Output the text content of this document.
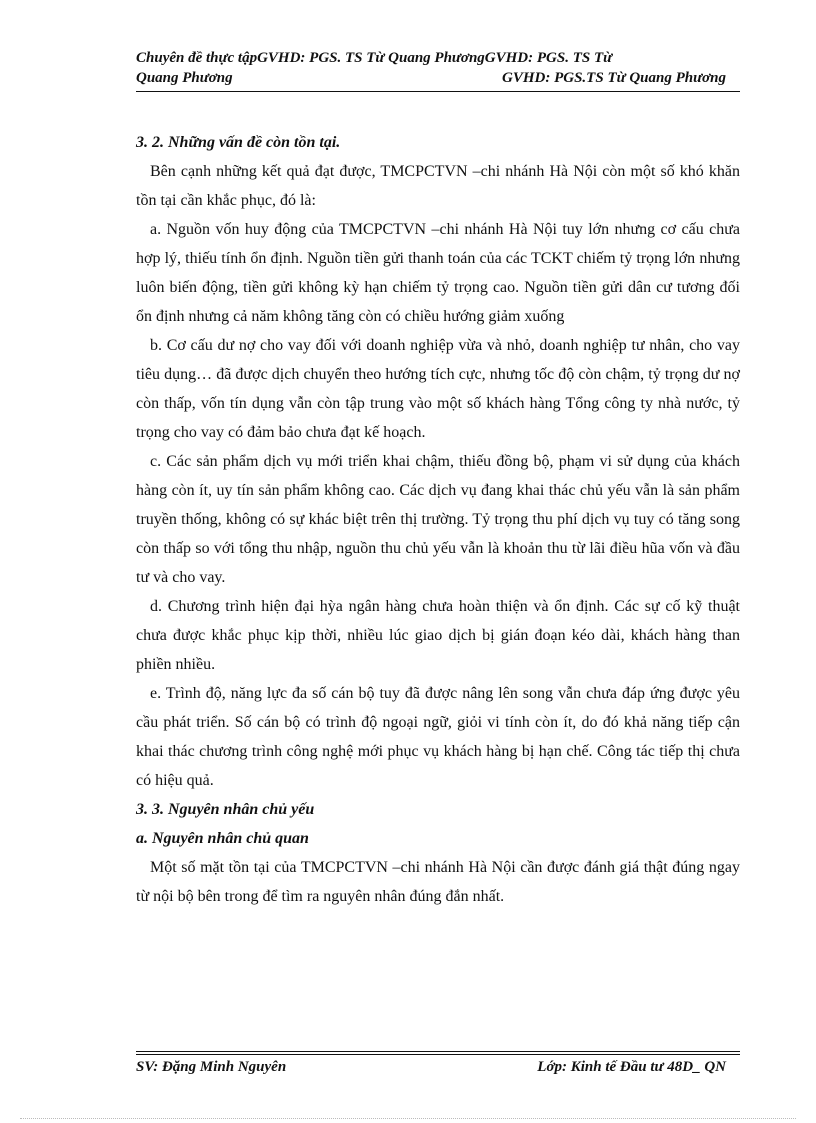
Chuyên đề thực tậpGVHD: PGS. TS Từ Quang PhươngGVHD: PGS. TS Từ
Quang Phương	GVHD: PGS.TS Từ Quang Phương
3. 2. Những vấn đề còn tồn tại.

Bên cạnh những kết quả đạt được, TMCPCTVN –chi nhánh Hà Nội còn một số khó khăn tồn tại cần khắc phục, đó là:

a. Nguồn vốn huy động của TMCPCTVN –chi nhánh Hà Nội tuy lớn nhưng cơ cấu chưa hợp lý, thiếu tính ổn định. Nguồn tiền gửi thanh toán của các TCKT chiếm tỷ trọng lớn nhưng luôn biến động, tiền gửi không kỳ hạn chiếm tỷ trọng cao. Nguồn tiền gửi dân cư tương đối ổn định nhưng cả năm không tăng còn có chiều hướng giảm xuống

b. Cơ cấu dư nợ cho vay đối với doanh nghiệp vừa và nhỏ, doanh nghiệp tư nhân, cho vay tiêu dụng… đã được dịch chuyển theo hướng tích cực, nhưng tốc độ còn chậm, tỷ trọng dư nợ còn thấp, vốn tín dụng vẫn còn tập trung vào một số khách hàng Tổng công ty nhà nước, tỷ trọng cho vay có đảm bảo chưa đạt kế hoạch.

c. Các sản phẩm dịch vụ mới triển khai chậm, thiếu đồng bộ, phạm vi sử dụng của khách hàng còn ít, uy tín sản phẩm không cao. Các dịch vụ đang khai thác chủ yếu vẫn là sản phẩm truyền thống, không có sự khác biệt trên thị trường. Tỷ trọng thu phí dịch vụ tuy có tăng song còn thấp so với tổng thu nhập, nguồn thu chủ yếu vẫn là khoản thu từ lãi điều hũa vốn và đầu tư và cho vay.

d. Chương trình hiện đại hỳa ngân hàng chưa hoàn thiện và ổn định. Các sự cố kỹ thuật chưa được khắc phục kịp thời, nhiều lúc giao dịch bị gián đoạn kéo dài, khách hàng than phiền nhiều.

e. Trình độ, năng lực đa số cán bộ tuy đã được nâng lên song vẫn chưa đáp ứng được yêu cầu phát triển. Số cán bộ có trình độ ngoại ngữ, giỏi vi tính còn ít, do đó khả năng tiếp cận khai thác chương trình công nghệ mới phục vụ khách hàng bị hạn chế. Công tác tiếp thị chưa có hiệu quả.

3. 3. Nguyên nhân chủ yếu
a. Nguyên nhân chủ quan

Một số mặt tồn tại của TMCPCTVN –chi nhánh Hà Nội cần được đánh giá thật đúng ngay từ nội bộ bên trong để tìm ra nguyên nhân đúng đắn nhất.

SV: Đặng Minh Nguyên	Lớp: Kinh tế Đầu tư 48D_ QN
